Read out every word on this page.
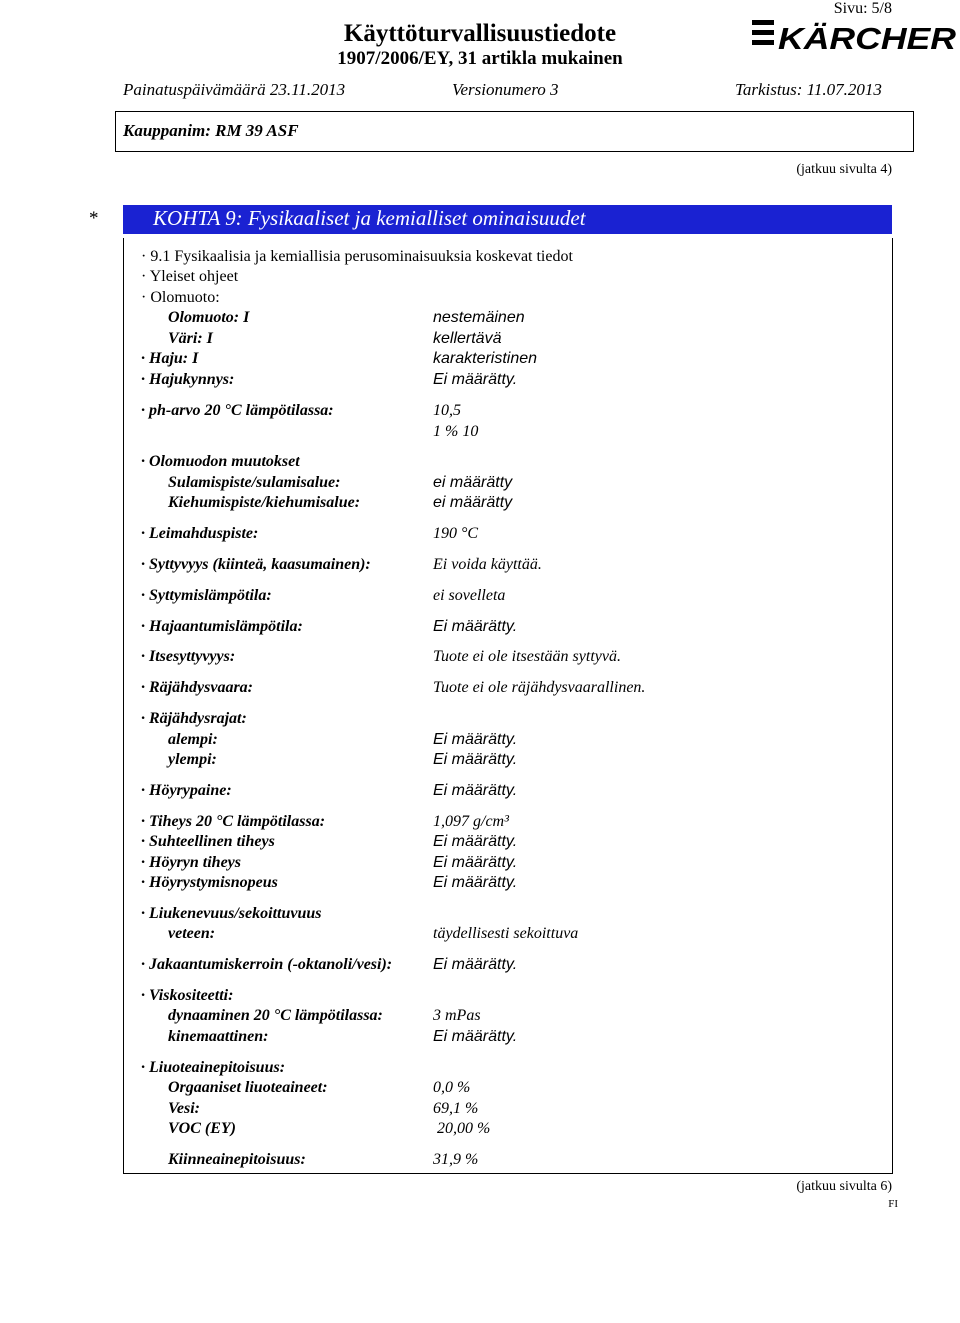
Sivu: 5/8
Käyttöturvallisuustiedote
1907/2006/EY, 31 artikla mukainen
KÄRCHER
Painatuspäivämäärä 23.11.2013	Versionumero 3	Tarkistus: 11.07.2013
Kauppanim: RM 39 ASF
(jatkuu sivulta 4)
*	KOHTA 9: Fysikaaliset ja kemialliset ominaisuudet
· 9.1 Fysikaalisia ja kemiallisia perusominaisuuksia koskevat tiedot
· Yleiset ohjeet
· Olomuoto:
Olomuoto: I	nestemäinen
Väri: I	kellertävä
· Haju: I	karakteristinen
· Hajukynnys:	Ei määrätty.
· ph-arvo 20 °C lämpötilassa:	10,5
1 % 10
· Olomuodon muutokset
Sulamispiste/sulamisalue:	ei määrätty
Kiehumispiste/kiehumisalue:	ei määrätty
· Leimahduspiste:	190 °C
· Syttyvyys (kiinteä, kaasumainen):	Ei voida käyttää.
· Syttymislämpötila:	ei sovelleta
· Hajaantumislämpötila:	Ei määrätty.
· Itsesyttyvyys:	Tuote ei ole itsestään syttyvä.
· Räjähdysvaara:	Tuote ei ole räjähdysvaarallinen.
· Räjähdysrajat:
alempi:	Ei määrätty.
ylempi:	Ei määrätty.
· Höyrypaine:	Ei määrätty.
· Tiheys 20 °C lämpötilassa:	1,097 g/cm³
· Suhteellinen tiheys	Ei määrätty.
· Höyryn tiheys	Ei määrätty.
· Höyrystymisnopeus	Ei määrätty.
· Liukenevuus/sekoittuvuus
veteen:	täydellisesti sekoittuva
· Jakaantumiskerroin (-oktanoli/vesi):	Ei määrätty.
· Viskositeetti:
dynaaminen 20 °C lämpötilassa:	3 mPas
kinemaattinen:	Ei määrätty.
· Liuoteainepitoisuus:
Orgaaniset liuoteaineet:	0,0 %
Vesi:	69,1 %
VOC (EY)	20,00 %
Kiinneainepitoisuus:	31,9 %
(jatkuu sivulta 6)
FI
